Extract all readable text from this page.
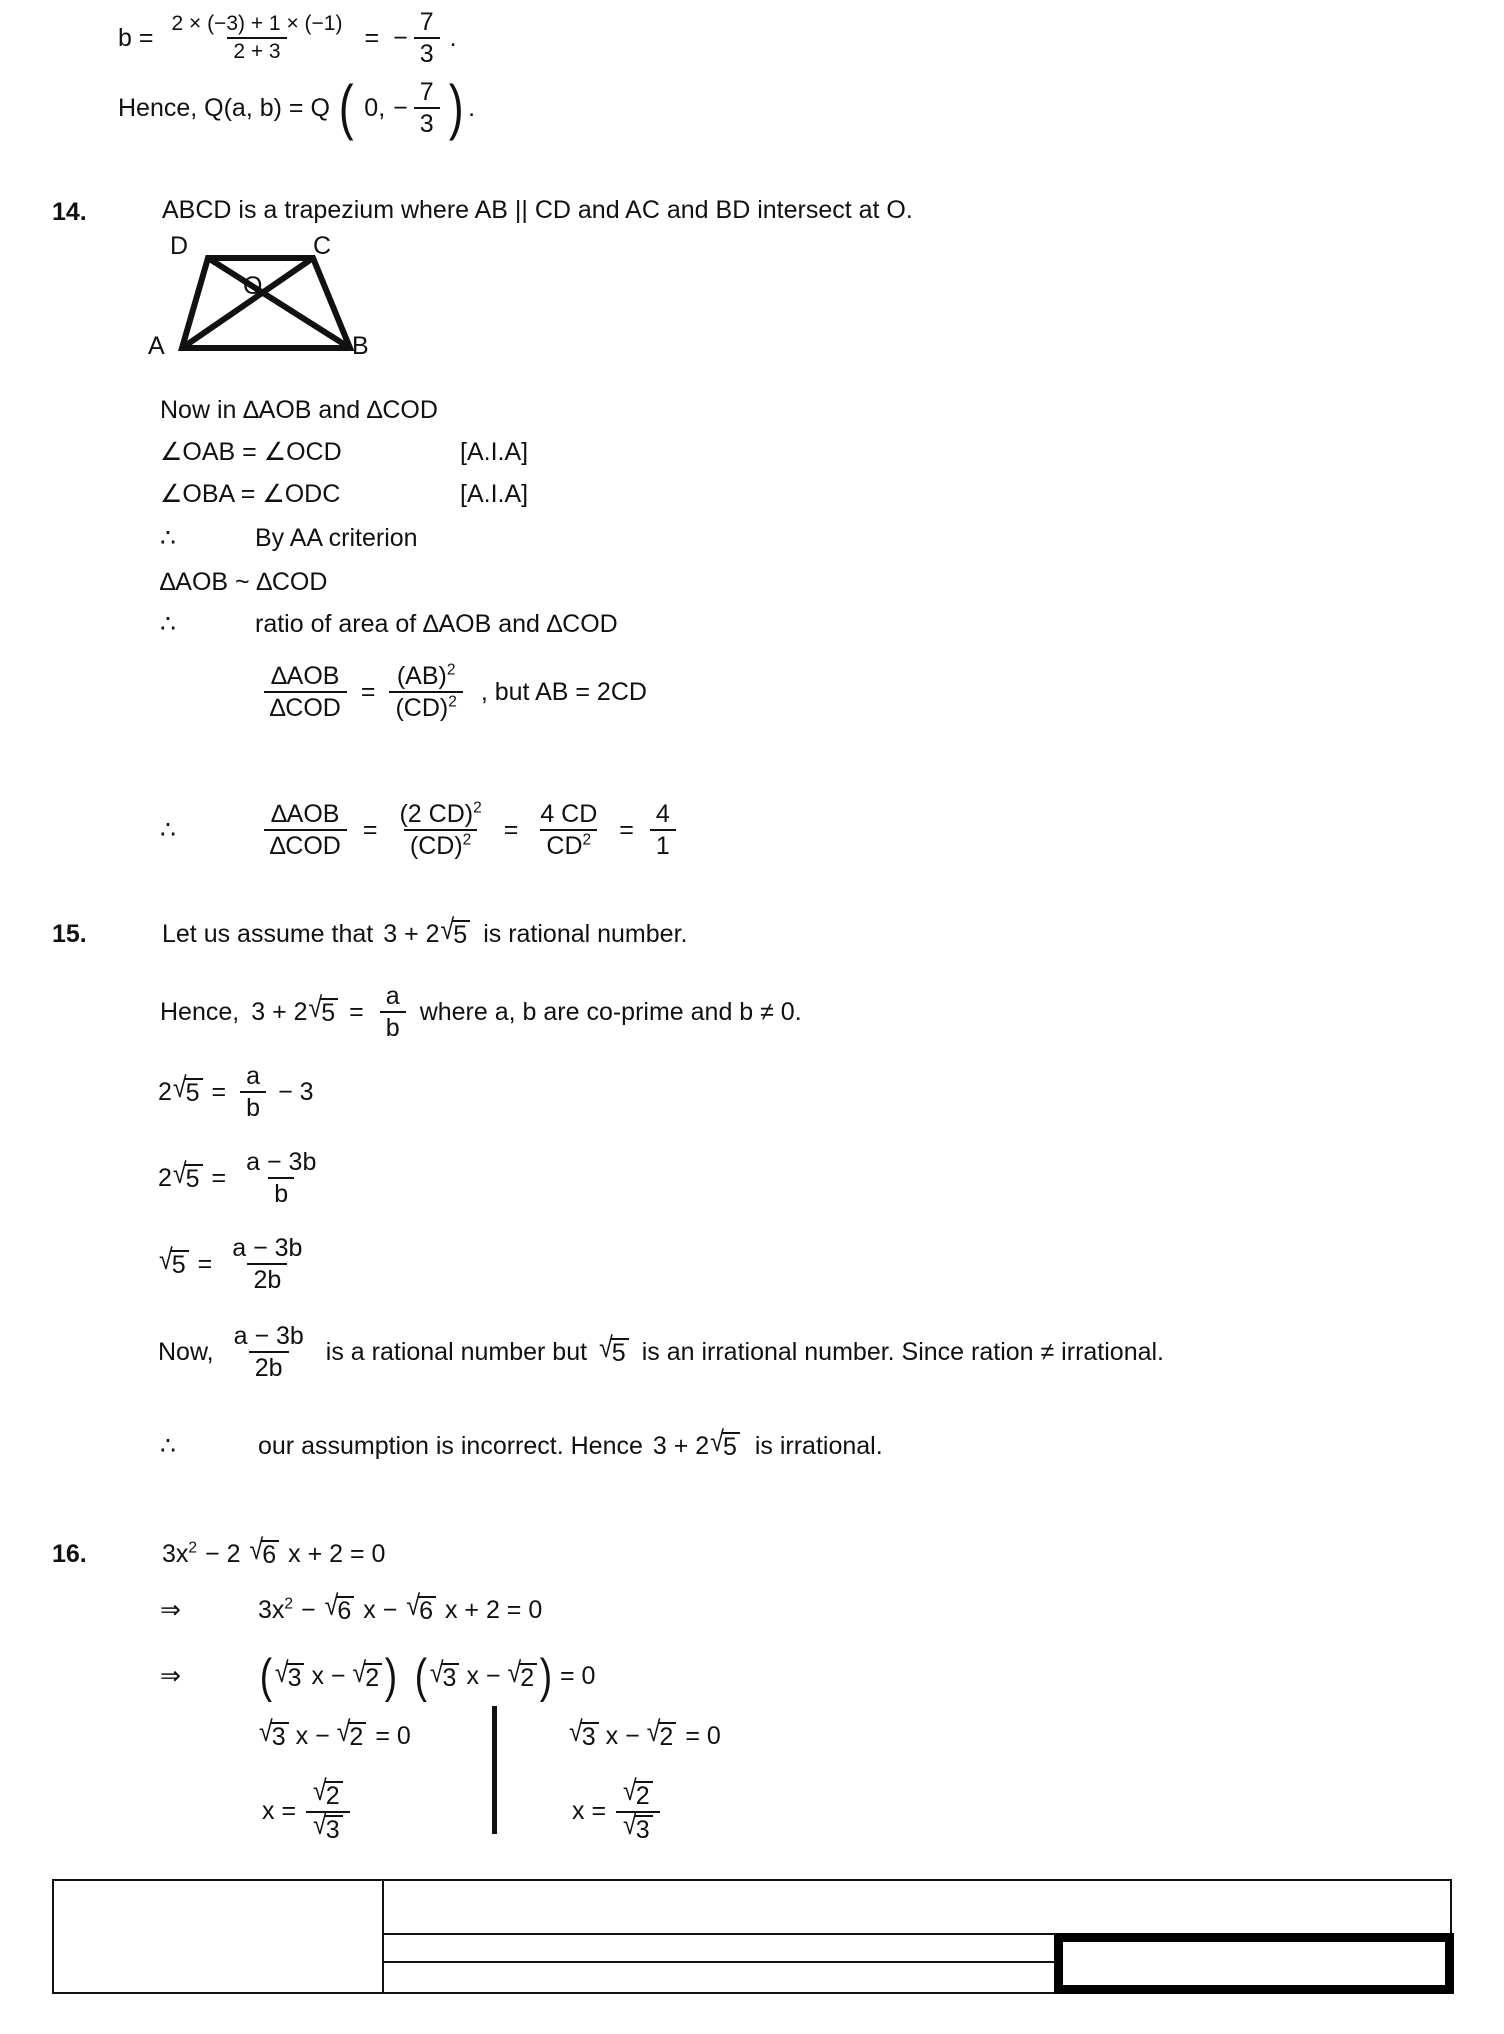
$b = \frac{2 \times (-3) + 1 \times (-1)}{2 + 3}$ = − $\frac{7}{3}$ .
Hence, Q(a, b) = Q ( 0, − $\frac{7}{3}$ ) .
14.	ABCD is a trapezium where AB || CD and AC and BD intersect at O.
D	C
O
A	B
Now in ∆AOB and ∆COD
∠OAB = ∠OCD	[A.I.A]
∠OBA = ∠ODC	[A.I.A]
∴	By AA criterion
∆AOB ~ ∆COD
∴	ratio of area of ∆AOB and ∆COD
$\frac{\text{∆AOB}}{\text{∆COD}} = \frac{(AB)^2}{(CD)^2}$ , but AB = 2CD
∴	$\frac{\text{∆AOB}}{\text{∆COD}} = \frac{(2 CD)^2}{(CD)^2} = \frac{4 CD}{CD^2} = \frac{4}{1}$
15.	Let us assume that 3 + 2 √ 5 is rational number.
Hence, 3 + 2 √ $5 = \frac{a}{b}$ where a, b are co-prime and b ≠ 0.
2 √ $5 = \frac{a}{b} - 3$
2 √ $5 = \frac{a - 3b}{b}$
√ $5 = \frac{a - 3b}{2b}$
Now, $\frac{a - 3b}{2b}$ is a rational number but √ 5 is an irrational number. Since ration ≠ irrational.
∴	our assumption is incorrect. Hence 3 + 2 √ 5 is irrational.
16.	$3x^2 - 2$ √ 6 x + 2 = 0
⇒	$3x^2$ − √ 6 x − √ 6 x + 2 = 0
⇒	( √ 3 x − √ 2 ) ( √ 3 x − √ 2 ) = 0
√ 3 x − √ 2 = 0	√ 3 x − √ 2 = 0
$x = \frac{√ 2}{√ 3}$	$x = \frac{√ 2}{√ 3}$
